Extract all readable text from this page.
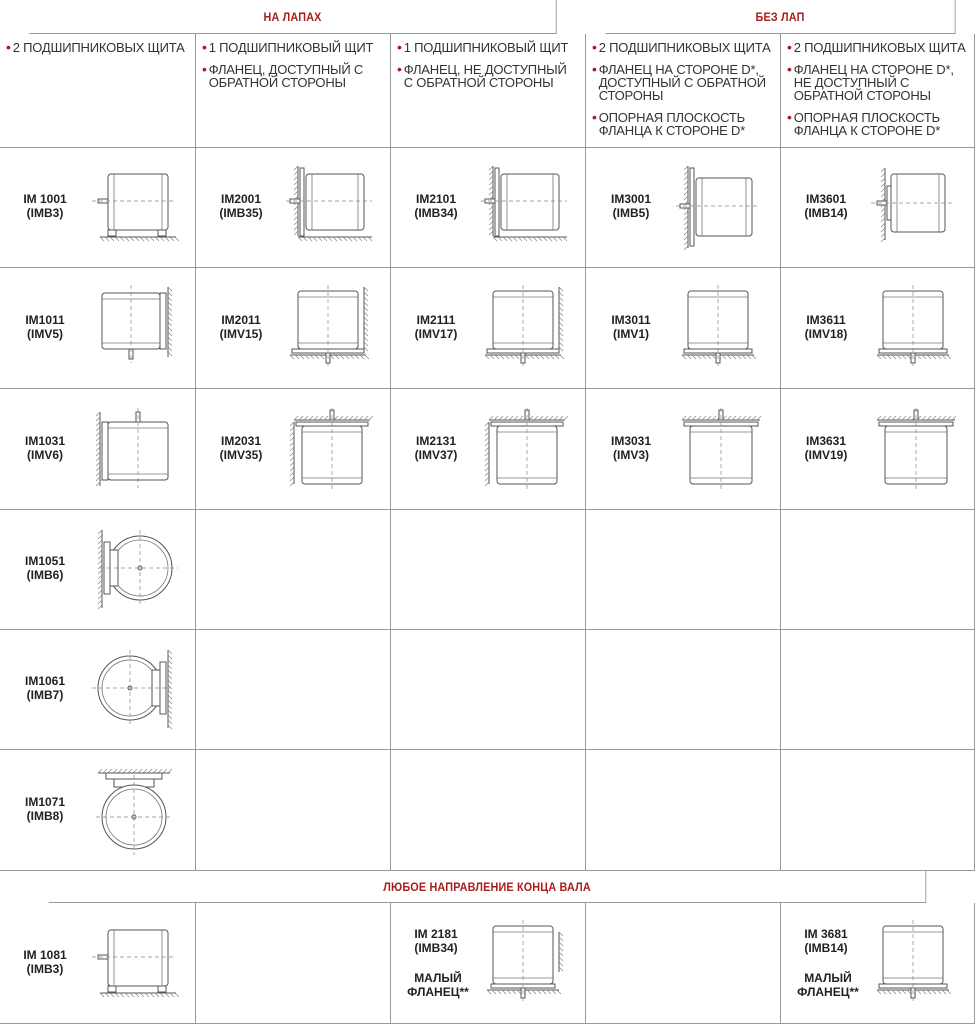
НА ЛАПАХ	БЕЗ ЛАП
• 2 ПОДШИПНИКОВЫХ ЩИТА • 1 ПОДШИПНИКОВЫЙ ЩИТ
• ФЛАНЕЦ, ДОСТУПНЫЙ С ОБРАТНОЙ СТОРОНЫ
• 1 ПОДШИПНИКОВЫЙ ЩИТ
• ФЛАНЕЦ, НЕ ДОСТУПНЫЙ С ОБРАТНОЙ СТОРОНЫ
• 2 ПОДШИПНИКОВЫХ ЩИТА
• ФЛАНЕЦ НА СТОРОНЕ D*, ДОСТУПНЫЙ С ОБРАТНОЙ СТОРОНЫ
• ОПОРНАЯ ПЛОСКОСТЬ ФЛАНЦА К СТОРОНЕ D*
• 2 ПОДШИПНИКОВЫХ ЩИТА
• ФЛАНЕЦ НА СТОРОНЕ D*, НЕ ДОСТУПНЫЙ С ОБРАТНОЙ СТОРОНЫ
• ОПОРНАЯ ПЛОСКОСТЬ ФЛАНЦА К СТОРОНЕ D*
ЛЮБОЕ НАПРАВЛЕНИЕ КОНЦА ВАЛА
IM 1001
(IMB3)
IM2001
(IMB35)
IM2101
(IMB34)
IM3001
(IMB5)
IM3601
(IMB14)
IM1011
(IMV5)
IM2011
(IMV15)
IM2111
(IMV17)
IM3011
(IMV1)
IM3611
(IMV18)
IM1031
(IMV6)
IM2031
(IMV35)
IM2131
(IMV37)
IM3031
(IMV3)
IM3631
(IMV19)
IM1051
(IMB6)
IM1061
(IMB7)
IM1071
(IMB8)
IM 1081
(IMB3)
IM 2181
(IMB34)
МАЛЫЙ ФЛАНЕЦ**
IM 3681
(IMB14)
МАЛЫЙ ФЛАНЕЦ**
